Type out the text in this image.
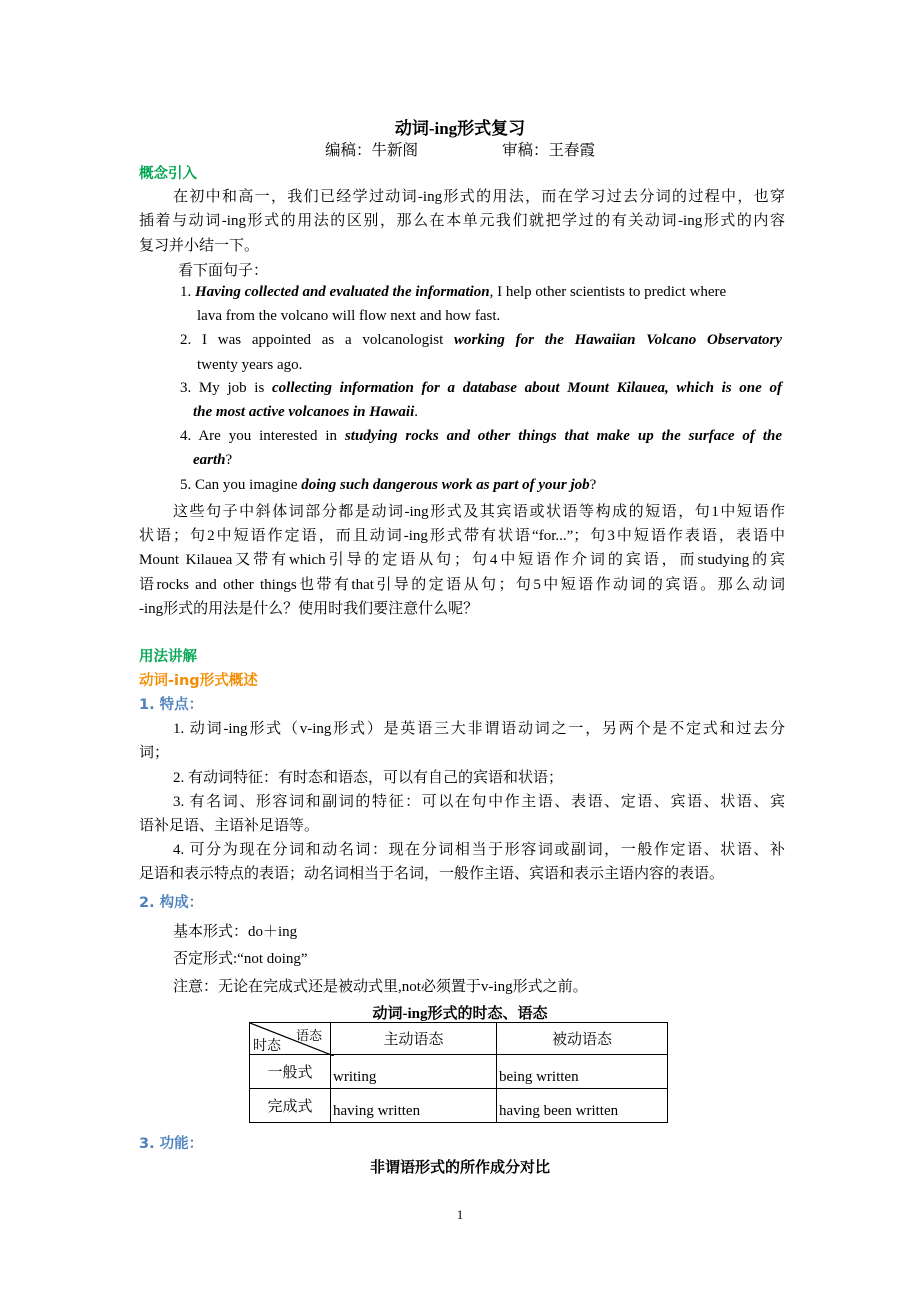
动词-ing形式复习
编稿：牛新阁	审稿：王春霞
概念引入
在初中和高一，我们已经学过动词-ing形式的用法，而在学习过去分词的过程中，也穿
插着与动词-ing形式的用法的区别，那么在本单元我们就把学过的有关动词-ing形式的内容
复习并小结一下。
看下面句子：
1. Having collected and evaluated the information, I help other scientists to predict where
lava from the volcano will flow next and how fast.
2. I was appointed as a volcanologist working for the Hawaiian Volcano Observatory
twenty years ago.
3. My job is collecting information for a database about Mount Kilauea, which is one of
the most active volcanoes in Hawaii.
4. Are you interested in studying rocks and other things that make up the surface of the
earth?
5. Can you imagine doing such dangerous work as part of your job?
这些句子中斜体词部分都是动词-ing形式及其宾语或状语等构成的短语，句1中短语作
状语；句2中短语作定语，而且动词-ing形式带有状语“for...”；句3中短语作表语，表语中
Mount Kilauea又带有which引导的定语从句；句4中短语作介词的宾语，而studying的宾
语rocks and other things也带有that引导的定语从句；句5中短语作动词的宾语。那么动词
-ing形式的用法是什么？使用时我们要注意什么呢？
用法讲解
动词-ing形式概述
1. 特点：
1. 动词-ing形式（v-ing形式）是英语三大非谓语动词之一，另两个是不定式和过去分
词；
2. 有动词特征：有时态和语态，可以有自己的宾语和状语；
3. 有名词、形容词和副词的特征：可以在句中作主语、表语、定语、宾语、状语、宾
语补足语、主语补足语等。
4. 可分为现在分词和动名词：现在分词相当于形容词或副词，一般作定语、状语、补
足语和表示特点的表语；动名词相当于名词，一般作主语、宾语和表示主语内容的表语。
2. 构成：
基本形式：do＋ing
否定形式:“not doing”
注意：无论在完成式还是被动式里,not必须置于v-ing形式之前。
动词-ing形式的时态、语态
语态
时态	主动语态	被动语态
一般式	writing	being written
完成式	having written	having been written
3. 功能：
非谓语形式的所作成分对比
1
